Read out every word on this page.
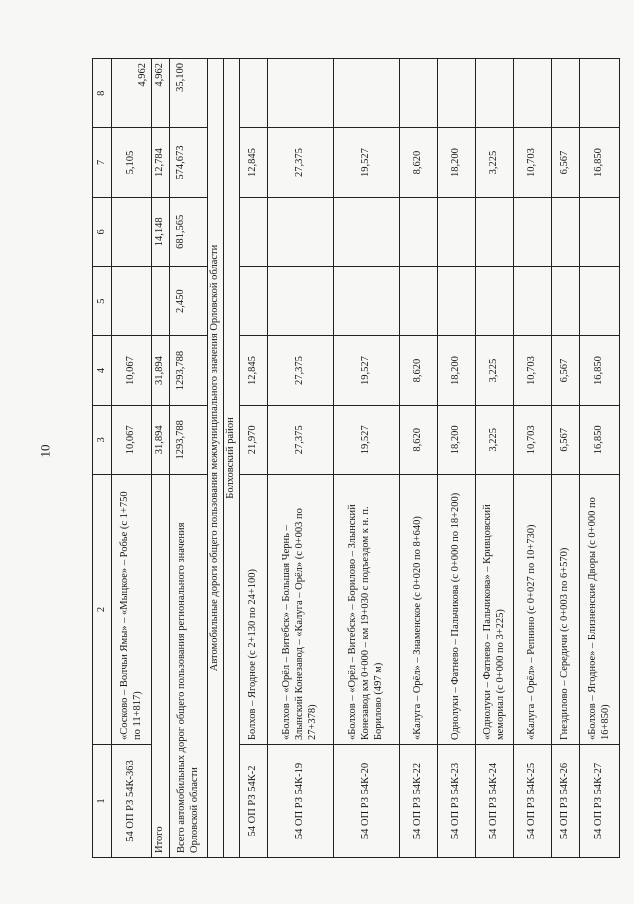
10
1	2	3	4	5	6	7	8
54 ОП РЗ 54К-363	«Сосково – Волчьи Ямы» – «Мыцкое» – Робье (с 1+750 по 11+817)	10,067	10,067			5,105	4,962
Итого		31,894	31,894		14,148	12,784	4,962
Всего автомобильных дорог общего пользования регионального значения Орловской области		1293,788	1293,788	2,450	681,565	574,673	35,100
Автомобильные дороги общего пользования межмуниципального значения Орловской области							
Болховский район							
54 ОП РЗ 54К-2	Болхов – Ягодное (с 2+130 по 24+100)	21,970	12,845			12,845	
54 ОП РЗ 54К-19	«Болхов – «Орёл – Витебск» – Большая Чернь – Злынский Конезавод – «Калуга – Орёл» (с 0+003 по 27+378)	27,375	27,375			27,375	
54 ОП РЗ 54К-20	«Болхов – «Орёл – Витебск» – Борилово – Злынский Конезавод км 0+000 – км 19+030 с подъездом к н. п. Борилово (497 м)	19,527	19,527			19,527	
54 ОП РЗ 54К-22	«Калуга – Орёл» – Знаменское (с 0+020 по 8+640)	8,620	8,620			8,620	
54 ОП РЗ 54К-23	Однолуки – Фатнево – Пальчикова (с 0+000 по 18+200)	18,200	18,200			18,200	
54 ОП РЗ 54К-24	«Однолуки – Фатнево – Пальчикова» – Кривцовский мемориал (с 0+000 по 3+225)	3,225	3,225			3,225	
54 ОП РЗ 54К-25	«Калуга – Орёл» – Репнино (с 0+027 по 10+730)	10,703	10,703			10,703	
54 ОП РЗ 54К-26	Гнездилово – Середичи (с 0+003 по 6+570)	6,567	6,567			6,567	
54 ОП РЗ 54К-27	«Болхов – Ягодное» – Близненские Дворы (с 0+000 по 16+850)	16,850	16,850			16,850	
